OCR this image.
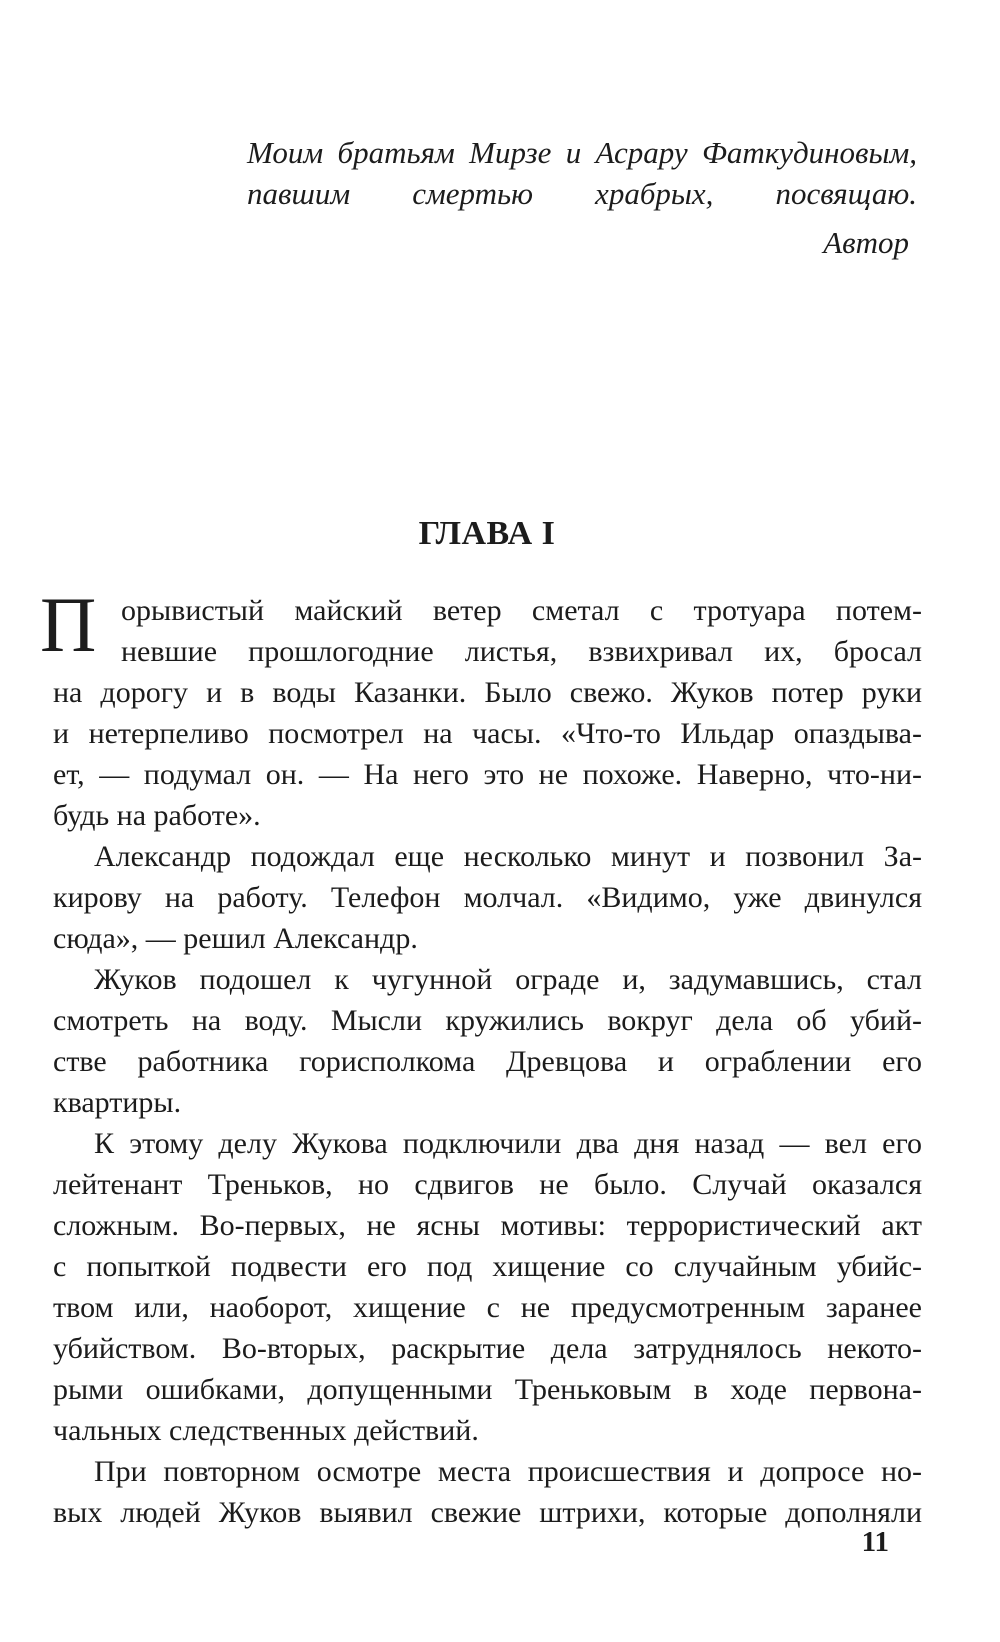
Моим братьям Мирзе и Асрару Фаткудиновым,
павшим смертью храбрых, посвящаю.
Автор
ГЛАВА I
П орывистый майский ветер сметал с тротуара потем-
невшие прошлогодние листья, взвихривал их, бросал
на дорогу и в воды Казанки. Было свежо. Жуков потер руки
и нетерпеливо посмотрел на часы. «Что-то Ильдар опаздыва-
ет, — подумал он. — На него это не похоже. Наверно, что-ни-
будь на работе».
Александр подождал еще несколько минут и позвонил За-
кирову на работу. Телефон молчал. «Видимо, уже двинулся
сюда», — решил Александр.
Жуков подошел к чугунной ограде и, задумавшись, стал
смотреть на воду. Мысли кружились вокруг дела об убий-
стве работника горисполкома Древцова и ограблении его
квартиры.
К этому делу Жукова подключили два дня назад — вел его
лейтенант Треньков, но сдвигов не было. Случай оказался
сложным. Во-первых, не ясны мотивы: террористический акт
с попыткой подвести его под хищение со случайным убийс-
твом или, наоборот, хищение с не предусмотренным заранее
убийством. Во-вторых, раскрытие дела затруднялось некото-
рыми ошибками, допущенными Треньковым в ходе первона-
чальных следственных действий.
При повторном осмотре места происшествия и допросе но-
вых людей Жуков выявил свежие штрихи, которые дополняли
11
